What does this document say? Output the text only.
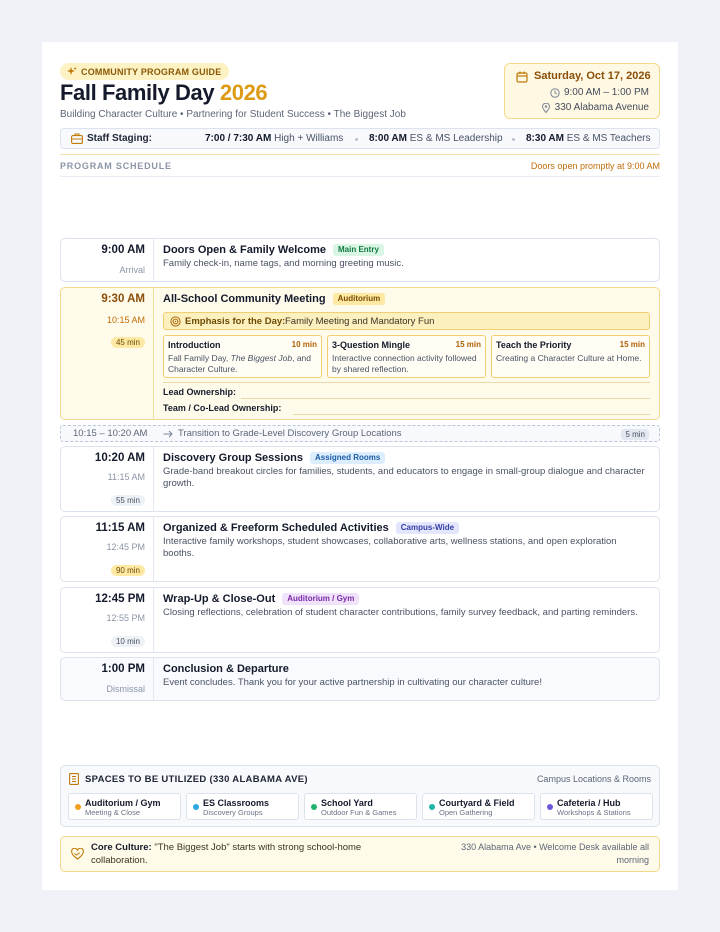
COMMUNITY PROGRAM GUIDE
Fall Family Day 2026
Building Character Culture • Partnering for Student Success • The Biggest Job
Saturday, Oct 17, 2026
9:00 AM – 1:00 PM
330 Alabama Avenue
Staff Staging:	7:00 / 7:30 AM High + Williams	8:00 AM ES & MS Leadership 8:30 AM ES & MS Teachers
PROGRAM SCHEDULE	Doors open promptly at 9:00 AM
9:00 AM
Arrival
Doors Open & Family Welcome	Main Entry
Family check-in, name tags, and morning greeting music.
9:30 AM
10:15 AM
45 min
All-School Community Meeting	Auditorium
Emphasis for the Day: Family Meeting and Mandatory Fun
Introduction	10 min
Fall Family Day, The Biggest Job, and Character Culture.
3-Question Mingle	15 min
Interactive connection activity followed by shared reflection.
Teach the Priority	15 min
Creating a Character Culture at Home.
Lead Ownership:
Team / Co-Lead Ownership:
10:15 – 10:20 AM	Transition to Grade-Level Discovery Group Locations	5 min
10:20 AM
11:15 AM
55 min
Discovery Group Sessions	Assigned Rooms
Grade-band breakout circles for families, students, and educators to engage in small-group dialogue and character growth.
11:15 AM
12:45 PM
90 min
Organized & Freeform Scheduled Activities	Campus-Wide
Interactive family workshops, student showcases, collaborative arts, wellness stations, and open exploration booths.
12:45 PM
12:55 PM
10 min
Wrap-Up & Close-Out	Auditorium / Gym
Closing reflections, celebration of student character contributions, family survey feedback, and parting reminders.
1:00 PM
Dismissal
Conclusion & Departure
Event concludes. Thank you for your active partnership in cultivating our character culture!
SPACES TO BE UTILIZED (330 ALABAMA AVE)	Campus Locations & Rooms
Auditorium / Gym
Meeting & Close
ES Classrooms
Discovery Groups
School Yard
Outdoor Fun & Games
Courtyard & Field
Open Gathering
Cafeteria / Hub
Workshops & Stations
Core Culture: "The Biggest Job" starts with strong school-home collaboration.
330 Alabama Ave • Welcome Desk available all morning
